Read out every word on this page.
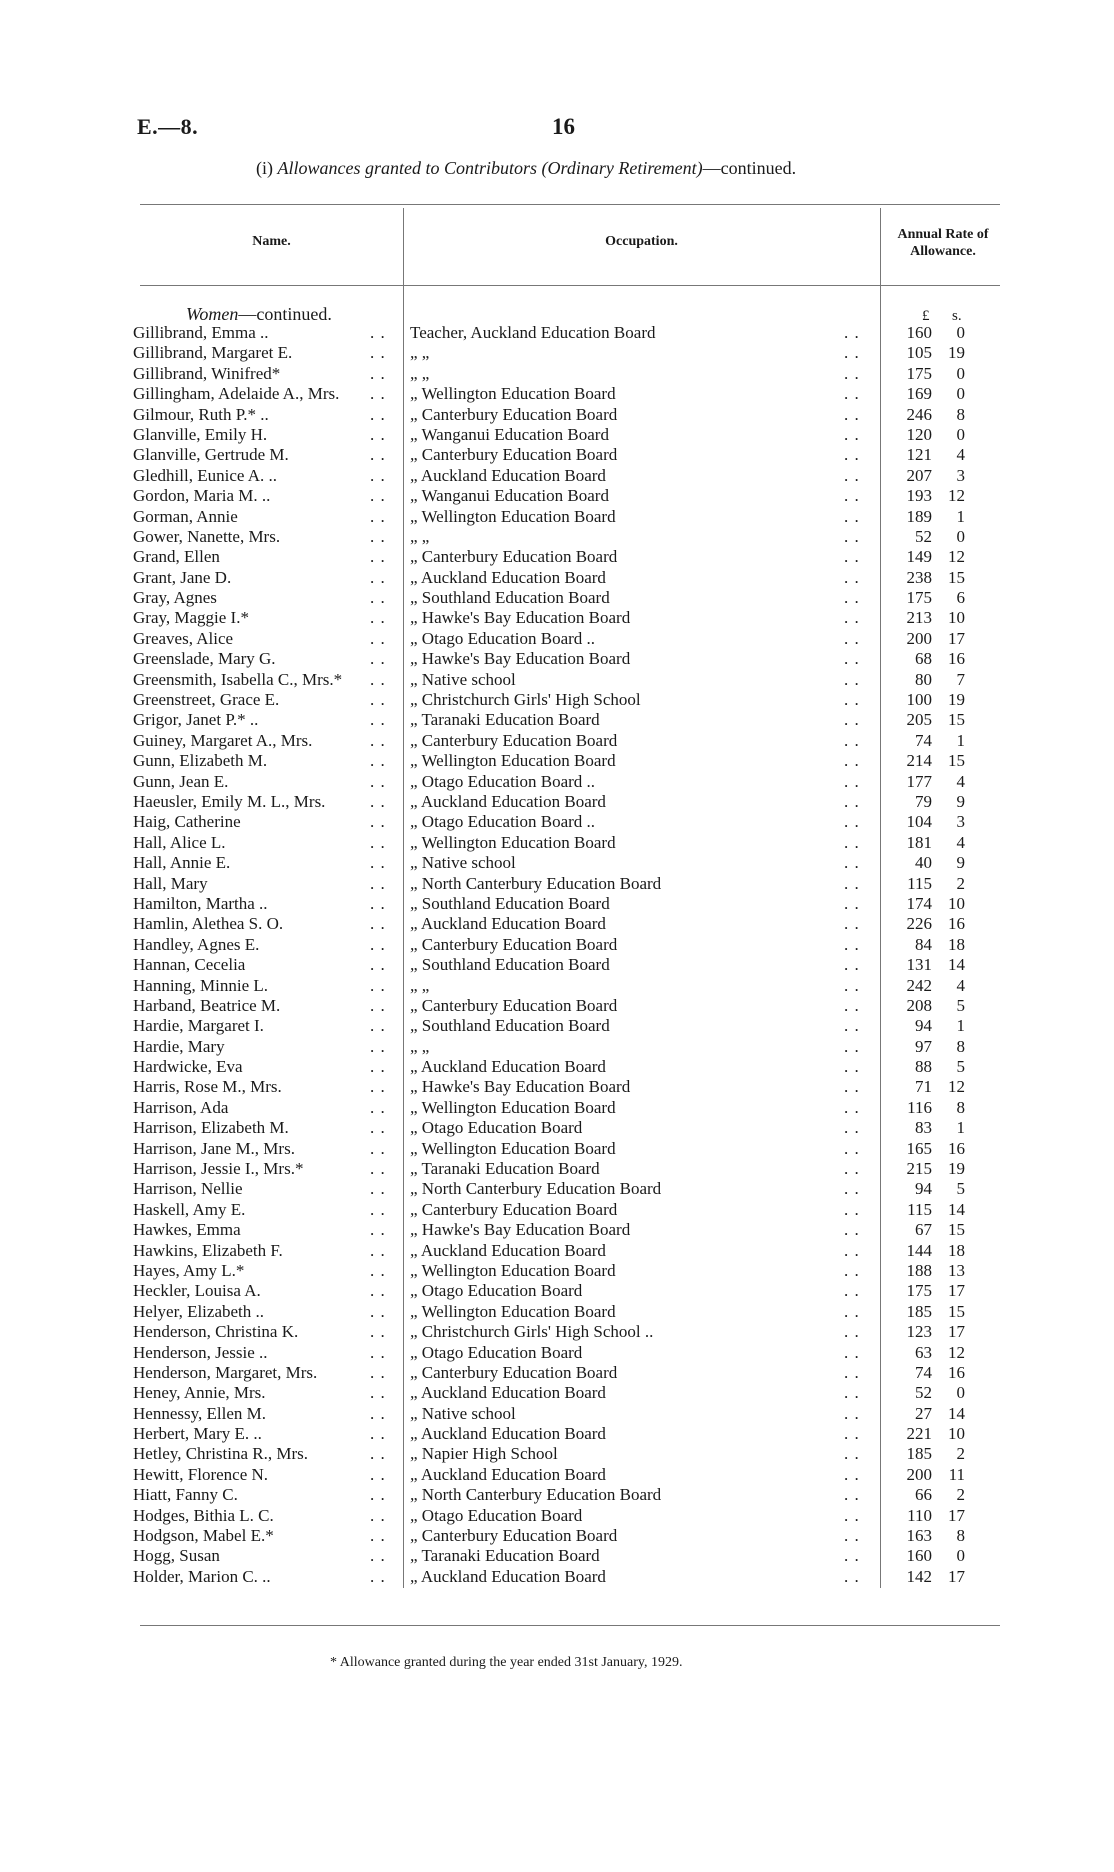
E.—8.	16
(i) Allowances granted to Contributors (Ordinary Retirement)—continued.
Name.	Occupation.	Annual Rate of Allowance.
Women—continued.	£ s.
Gillibrand, Emma ..	. . Teacher, Auckland Education Board	. .	160	0
Gillibrand, Margaret E.	. . „ „	. .	105 19
Gillibrand, Winifred*	. . „ „	. .	175	0
Gillingham, Adelaide A., Mrs. . . „ Wellington Education Board	. .	169	0
Gilmour, Ruth P.* ..	. . „ Canterbury Education Board	. .	246	8
Glanville, Emily H.	. . „ Wanganui Education Board	. .	120	0
Glanville, Gertrude M.	. . „ Canterbury Education Board	. .	121	4
Gledhill, Eunice A. ..	. . „ Auckland Education Board	. .	207	3
Gordon, Maria M. ..	. . „ Wanganui Education Board	. .	193 12
Gorman, Annie	. . „ Wellington Education Board	. .	189	1
Gower, Nanette, Mrs.	. . „ „	. .	52	0
Grand, Ellen	. . „ Canterbury Education Board	. .	149 12
Grant, Jane D.	. . „ Auckland Education Board	. .	238 15
Gray, Agnes	. . „ Southland Education Board	. .	175	6
Gray, Maggie I.*	. . „ Hawke's Bay Education Board	. .	213 10
Greaves, Alice	. . „ Otago Education Board ..	. .	200 17
Greenslade, Mary G.	. . „ Hawke's Bay Education Board	. .	68 16
Greensmith, Isabella C., Mrs.* . . „ Native school	. .	80	7
Greenstreet, Grace E.	. . „ Christchurch Girls' High School	. .	100 19
Grigor, Janet P.* ..	. . „ Taranaki Education Board	. .	205 15
Guiney, Margaret A., Mrs.	. . „ Canterbury Education Board	. .	74	1
Gunn, Elizabeth M.	. . „ Wellington Education Board	. .	214 15
Gunn, Jean E.	. . „ Otago Education Board ..	. .	177	4
Haeusler, Emily M. L., Mrs.	. . „ Auckland Education Board	. .	79	9
Haig, Catherine	. . „ Otago Education Board ..	. .	104	3
Hall, Alice L.	. . „ Wellington Education Board	. .	181	4
Hall, Annie E.	. . „ Native school	. .	40	9
Hall, Mary	. . „ North Canterbury Education Board	. .	115	2
Hamilton, Martha ..	. . „ Southland Education Board	. .	174 10
Hamlin, Alethea S. O.	. . „ Auckland Education Board	. .	226 16
Handley, Agnes E.	. . „ Canterbury Education Board	. .	84 18
Hannan, Cecelia	. . „ Southland Education Board	. .	131 14
Hanning, Minnie L.	. . „ „	. .	242	4
Harband, Beatrice M.	. . „ Canterbury Education Board	. .	208	5
Hardie, Margaret I.	. . „ Southland Education Board	. .	94	1
Hardie, Mary	. . „ „	. .	97	8
Hardwicke, Eva	. . „ Auckland Education Board	. .	88	5
Harris, Rose M., Mrs.	. . „ Hawke's Bay Education Board	. .	71 12
Harrison, Ada	. . „ Wellington Education Board	. .	116	8
Harrison, Elizabeth M.	. . „ Otago Education Board	. .	83	1
Harrison, Jane M., Mrs.	. . „ Wellington Education Board	. .	165 16
Harrison, Jessie I., Mrs.*	. . „ Taranaki Education Board	. .	215 19
Harrison, Nellie	. . „ North Canterbury Education Board	. .	94	5
Haskell, Amy E.	. . „ Canterbury Education Board	. .	115 14
Hawkes, Emma	. . „ Hawke's Bay Education Board	. .	67 15
Hawkins, Elizabeth F.	. . „ Auckland Education Board	. .	144 18
Hayes, Amy L.*	. . „ Wellington Education Board	. .	188 13
Heckler, Louisa A.	. . „ Otago Education Board	. .	175 17
Helyer, Elizabeth ..	. . „ Wellington Education Board	. .	185 15
Henderson, Christina K.	. . „ Christchurch Girls' High School ..	. .	123 17
Henderson, Jessie ..	. . „ Otago Education Board	. .	63 12
Henderson, Margaret, Mrs.	. . „ Canterbury Education Board	. .	74 16
Heney, Annie, Mrs.	. . „ Auckland Education Board	. .	52	0
Hennessy, Ellen M.	. . „ Native school	. .	27 14
Herbert, Mary E. ..	. . „ Auckland Education Board	. .	221 10
Hetley, Christina R., Mrs.	. . „ Napier High School	. .	185	2
Hewitt, Florence N.	. . „ Auckland Education Board	. .	200 11
Hiatt, Fanny C.	. . „ North Canterbury Education Board	. .	66	2
Hodges, Bithia L. C.	. . „ Otago Education Board	. .	110 17
Hodgson, Mabel E.*	. . „ Canterbury Education Board	. .	163	8
Hogg, Susan	. . „ Taranaki Education Board	. .	160	0
Holder, Marion C. ..	. . „ Auckland Education Board	. .	142 17
* Allowance granted during the year ended 31st January, 1929.
